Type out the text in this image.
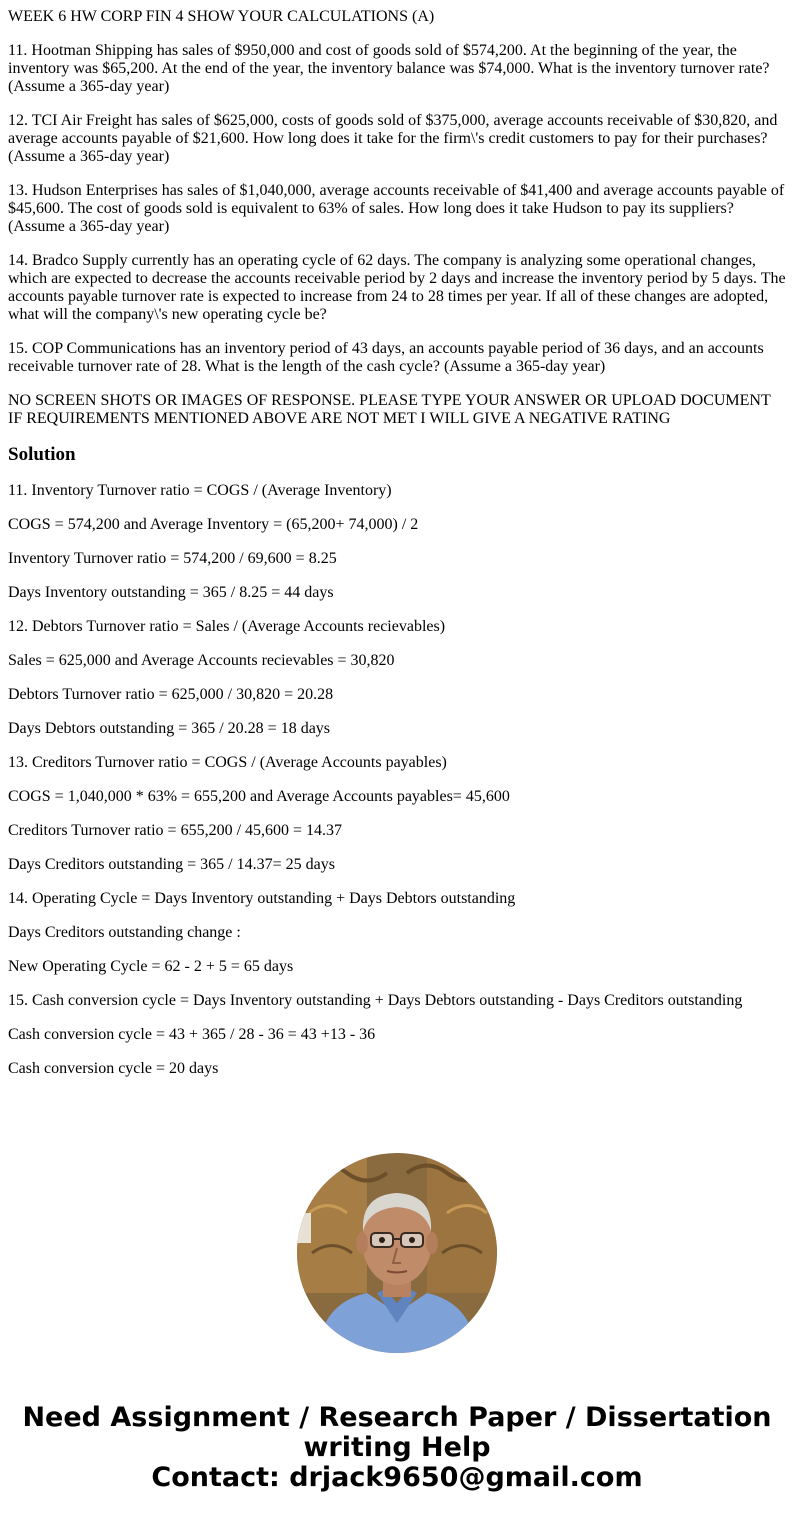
WEEK 6 HW CORP FIN 4 SHOW YOUR CALCULATIONS (A)

11. Hootman Shipping has sales of $950,000 and cost of goods sold of $574,200. At the beginning of the year, the inventory was $65,200. At the end of the year, the inventory balance was $74,000. What is the inventory turnover rate? (Assume a 365-day year)

12. TCI Air Freight has sales of $625,000, costs of goods sold of $375,000, average accounts receivable of $30,820, and average accounts payable of $21,600. How long does it take for the firm\'s credit customers to pay for their purchases? (Assume a 365-day year)

13. Hudson Enterprises has sales of $1,040,000, average accounts receivable of $41,400 and average accounts payable of $45,600. The cost of goods sold is equivalent to 63% of sales. How long does it take Hudson to pay its suppliers? (Assume a 365-day year)

14. Bradco Supply currently has an operating cycle of 62 days. The company is analyzing some operational changes, which are expected to decrease the accounts receivable period by 2 days and increase the inventory period by 5 days. The accounts payable turnover rate is expected to increase from 24 to 28 times per year. If all of these changes are adopted, what will the company\'s new operating cycle be?

15. COP Communications has an inventory period of 43 days, an accounts payable period of 36 days, and an accounts receivable turnover rate of 28. What is the length of the cash cycle? (Assume a 365-day year)

NO SCREEN SHOTS OR IMAGES OF RESPONSE. PLEASE TYPE YOUR ANSWER OR UPLOAD DOCUMENT
IF REQUIREMENTS MENTIONED ABOVE ARE NOT MET I WILL GIVE A NEGATIVE RATING

Solution

11. Inventory Turnover ratio = COGS / (Average Inventory)

COGS = 574,200 and Average Inventory = (65,200+ 74,000) / 2

Inventory Turnover ratio = 574,200 / 69,600 = 8.25

Days Inventory outstanding = 365 / 8.25 = 44 days

12. Debtors Turnover ratio = Sales / (Average Accounts recievables)

Sales = 625,000 and Average Accounts recievables = 30,820

Debtors Turnover ratio = 625,000 / 30,820 = 20.28

Days Debtors outstanding = 365 / 20.28 = 18 days

13. Creditors Turnover ratio = COGS / (Average Accounts payables)

COGS = 1,040,000 * 63% = 655,200 and Average Accounts payables= 45,600

Creditors Turnover ratio = 655,200 / 45,600 = 14.37

Days Creditors outstanding = 365 / 14.37= 25 days

14. Operating Cycle = Days Inventory outstanding + Days Debtors outstanding

Days Creditors outstanding change :

New Operating Cycle = 62 - 2 + 5 = 65 days

15. Cash conversion cycle = Days Inventory outstanding + Days Debtors outstanding - Days Creditors outstanding

Cash conversion cycle = 43 + 365 / 28 - 36 = 43 +13 - 36

Cash conversion cycle = 20 days

Need Assignment / Research Paper / Dissertation
writing Help
Contact: drjack9650@gmail.com
